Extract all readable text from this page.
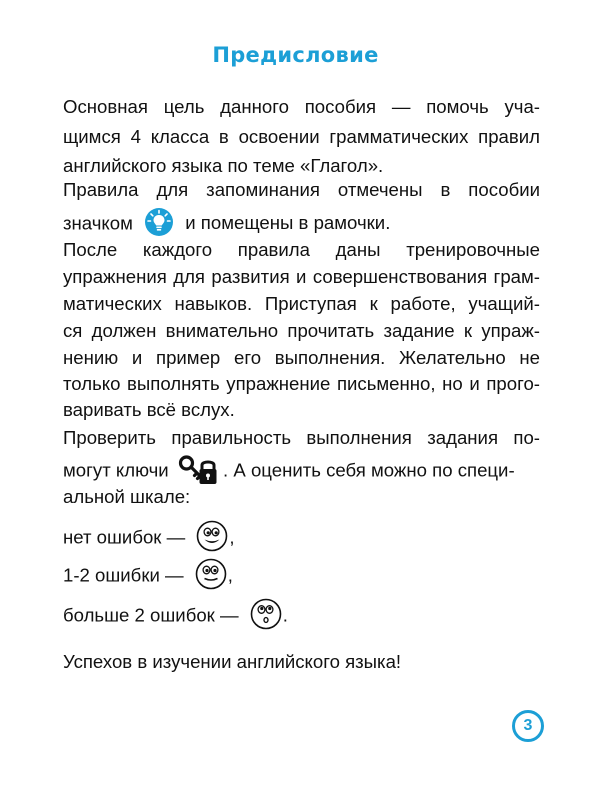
Предисловие
Основная цель данного пособия — помочь уча-
щимся 4 класса в освоении грамматических правил
английского языка по теме «Глагол».
Правила для запоминания отмечены в пособии
значком	и помещены в рамочки.
После каждого правила даны тренировочные
упражнения для развития и совершенствования грам-
матических навыков. Приступая к работе, учащий-
ся должен внимательно прочитать задание к упраж-
нению и пример его выполнения. Желательно не
только выполнять упражнение письменно, но и прого-
варивать всё вслух.
Проверить правильность выполнения задания по-
могут ключи	. А оценить себя можно по специ-
альной шкале:
нет ошибок — ,
1-2 ошибки — ,
больше 2 ошибок — .
Успехов в изучении английского языка!
3
